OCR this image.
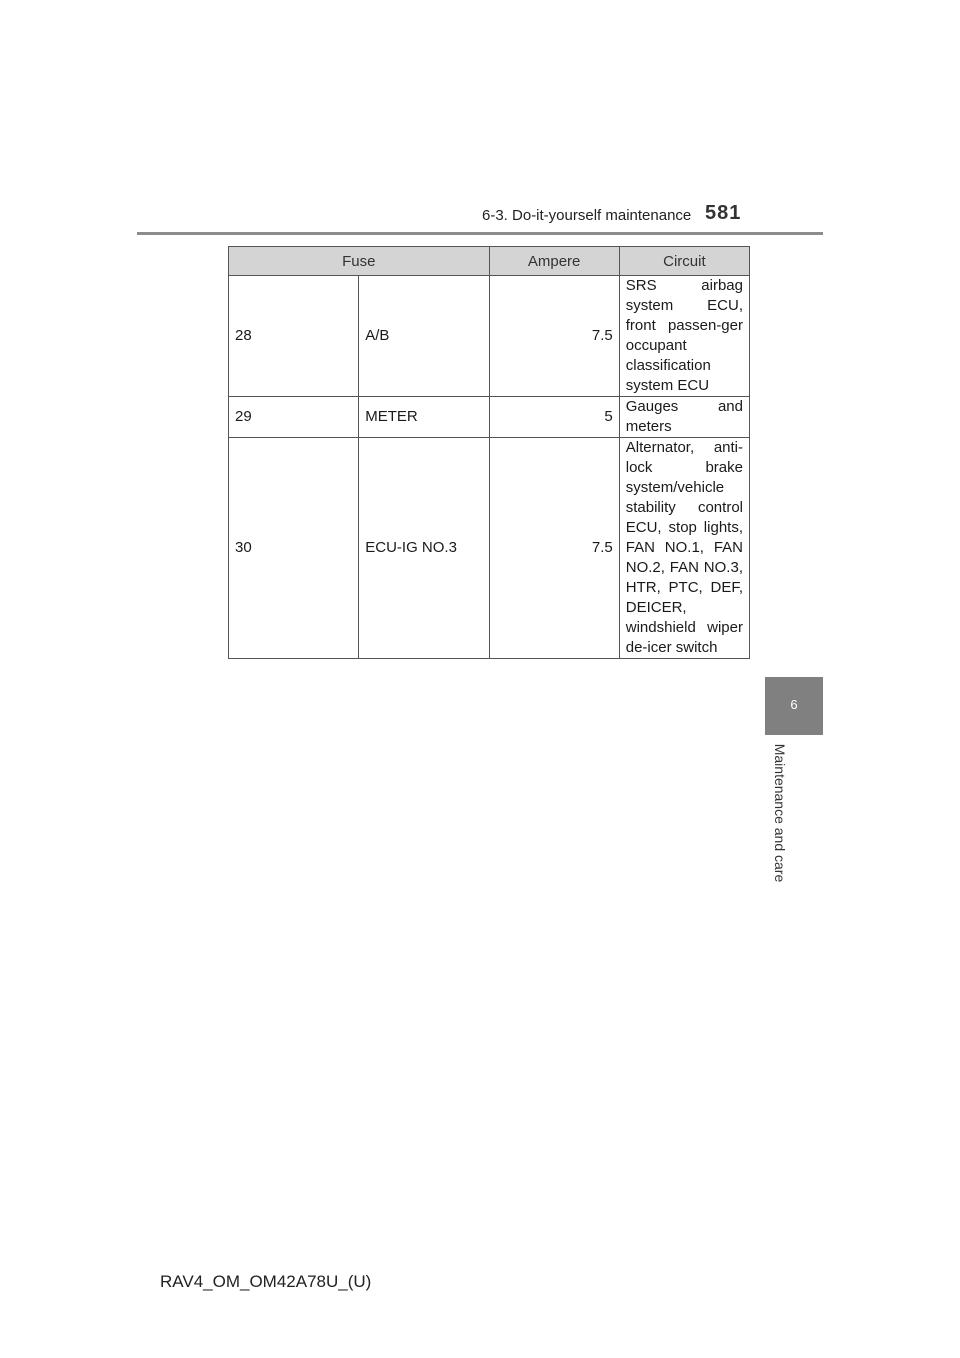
6-3. Do-it-yourself maintenance 581
Fuse		Ampere	Circuit
28	A/B	7.5	SRS airbag system ECU, front passen-ger occupant classification system ECU
29	METER	5	Gauges and meters
30	ECU-IG NO.3	7.5	Alternator, anti-lock brake system/vehicle stability control ECU, stop lights, FAN NO.1, FAN NO.2, FAN NO.3, HTR, PTC, DEF, DEICER, windshield wiper de-icer switch
6
Maintenance and care
RAV4_OM_OM42A78U_(U)
